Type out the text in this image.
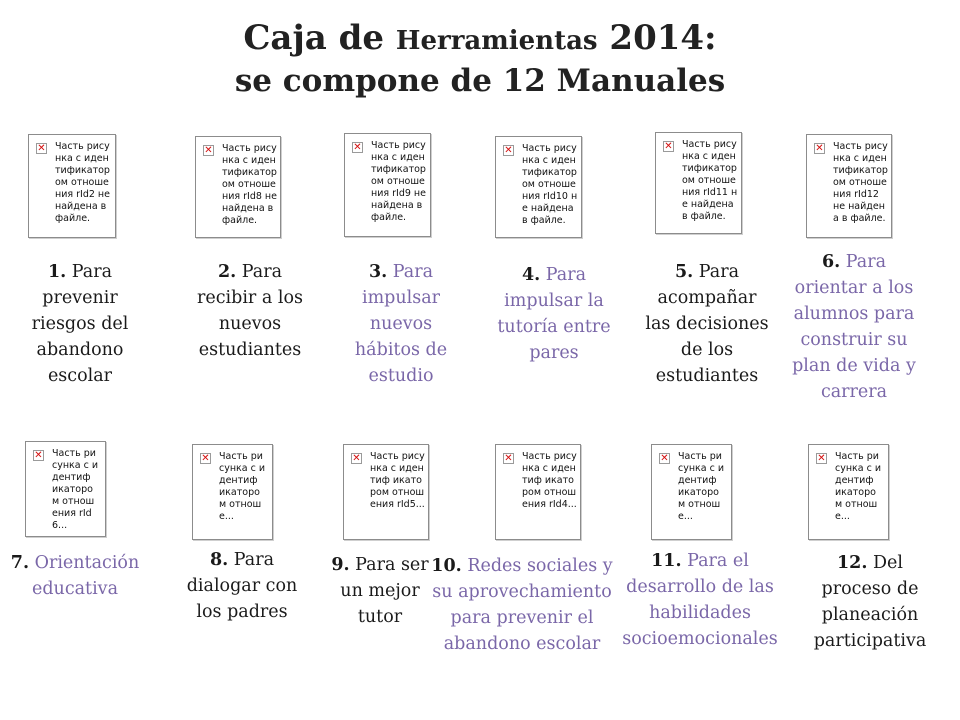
Caja de Herramientas 2014:
se compone de 12 Manuales
✕ Часть рисунка с идентификатором отношения rId2 не найдена в файле.
✕ Часть рисунка с идентификатором отношения rId8 не найдена в файле.
✕ Часть рисунка с идентификатором отношения rId9 не найдена в файле.
✕ Часть рисунка с идентификатором отношения rId10 не найдена в файле.
✕ Часть рисунка с идентификатором отношения rId11 не найдена в файле.
✕ Часть рисунка с идентификатором отношения rId12 не найдена в файле.
✕ Часть рисунка с идентиф икатором отношения rId6...
✕ Часть рисунка с идентиф икаторо м отноше...
✕ Часть рисунка с идентиф икатором отношения rId5...
✕ Часть рисунка с идентиф икатором отношения rId4...
✕ Часть рисунка с идентиф икаторо м отноше...
✕ Часть рисунка с идентиф икаторо м отноше...
1. Para prevenir riesgos del abandono escolar
2. Para recibir a los nuevos estudiantes
3. Para impulsar nuevos hábitos de estudio
4. Para impulsar la tutoría entre pares
5. Para acompañar las decisiones de los estudiantes
6. Para orientar a los alumnos para construir su plan de vida y carrera
7. Orientación educativa
8. Para dialogar con los padres
9. Para ser un mejor tutor
10. Redes sociales y su aprovechamiento para prevenir el abandono escolar
11. Para el desarrollo de las habilidades socioemocionales
12. Del proceso de planeación participativa
